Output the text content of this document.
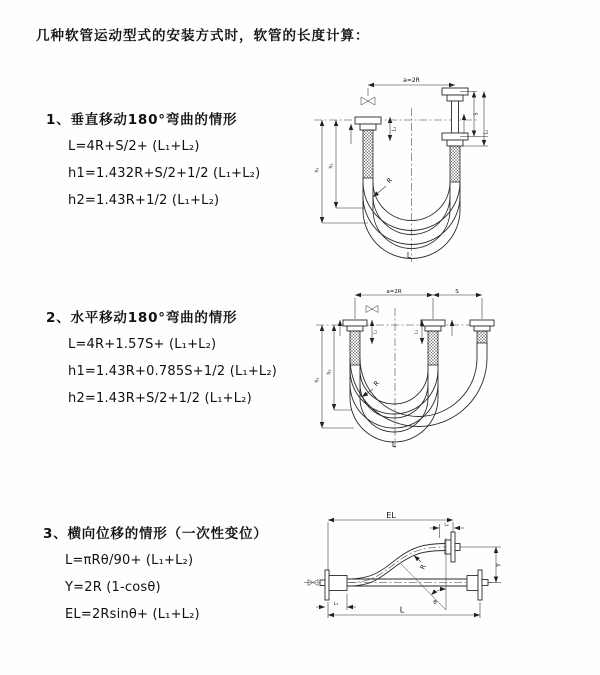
几种软管运动型式的安装方式时，软管的长度计算：
1、垂直移动180°弯曲的情形
L=4R+S/2+ (L₁+L₂)
h1=1.432R+S/2+1/2 (L₁+L₂)
h2=1.43R+1/2 (L₁+L₂)
2、水平移动180°弯曲的情形
L=4R+1.57S+ (L₁+L₂)
h1=1.43R+0.785S+1/2 (L₁+L₂)
h2=1.43R+S/2+1/2 (L₁+L₂)
3、横向位移的情形（一次性变位）
L=πRθ/90+ (L₁+L₂)
Y=2R (1-cosθ)
EL=2Rsinθ+ (L₁+L₂)
a=2R
L₁
S
L₂
h₁
h₂
R
L
a=2R	S
L₁	L₁
h₁
h₂
R
L
EL
L₂
θ
R	Y
L₁
L
